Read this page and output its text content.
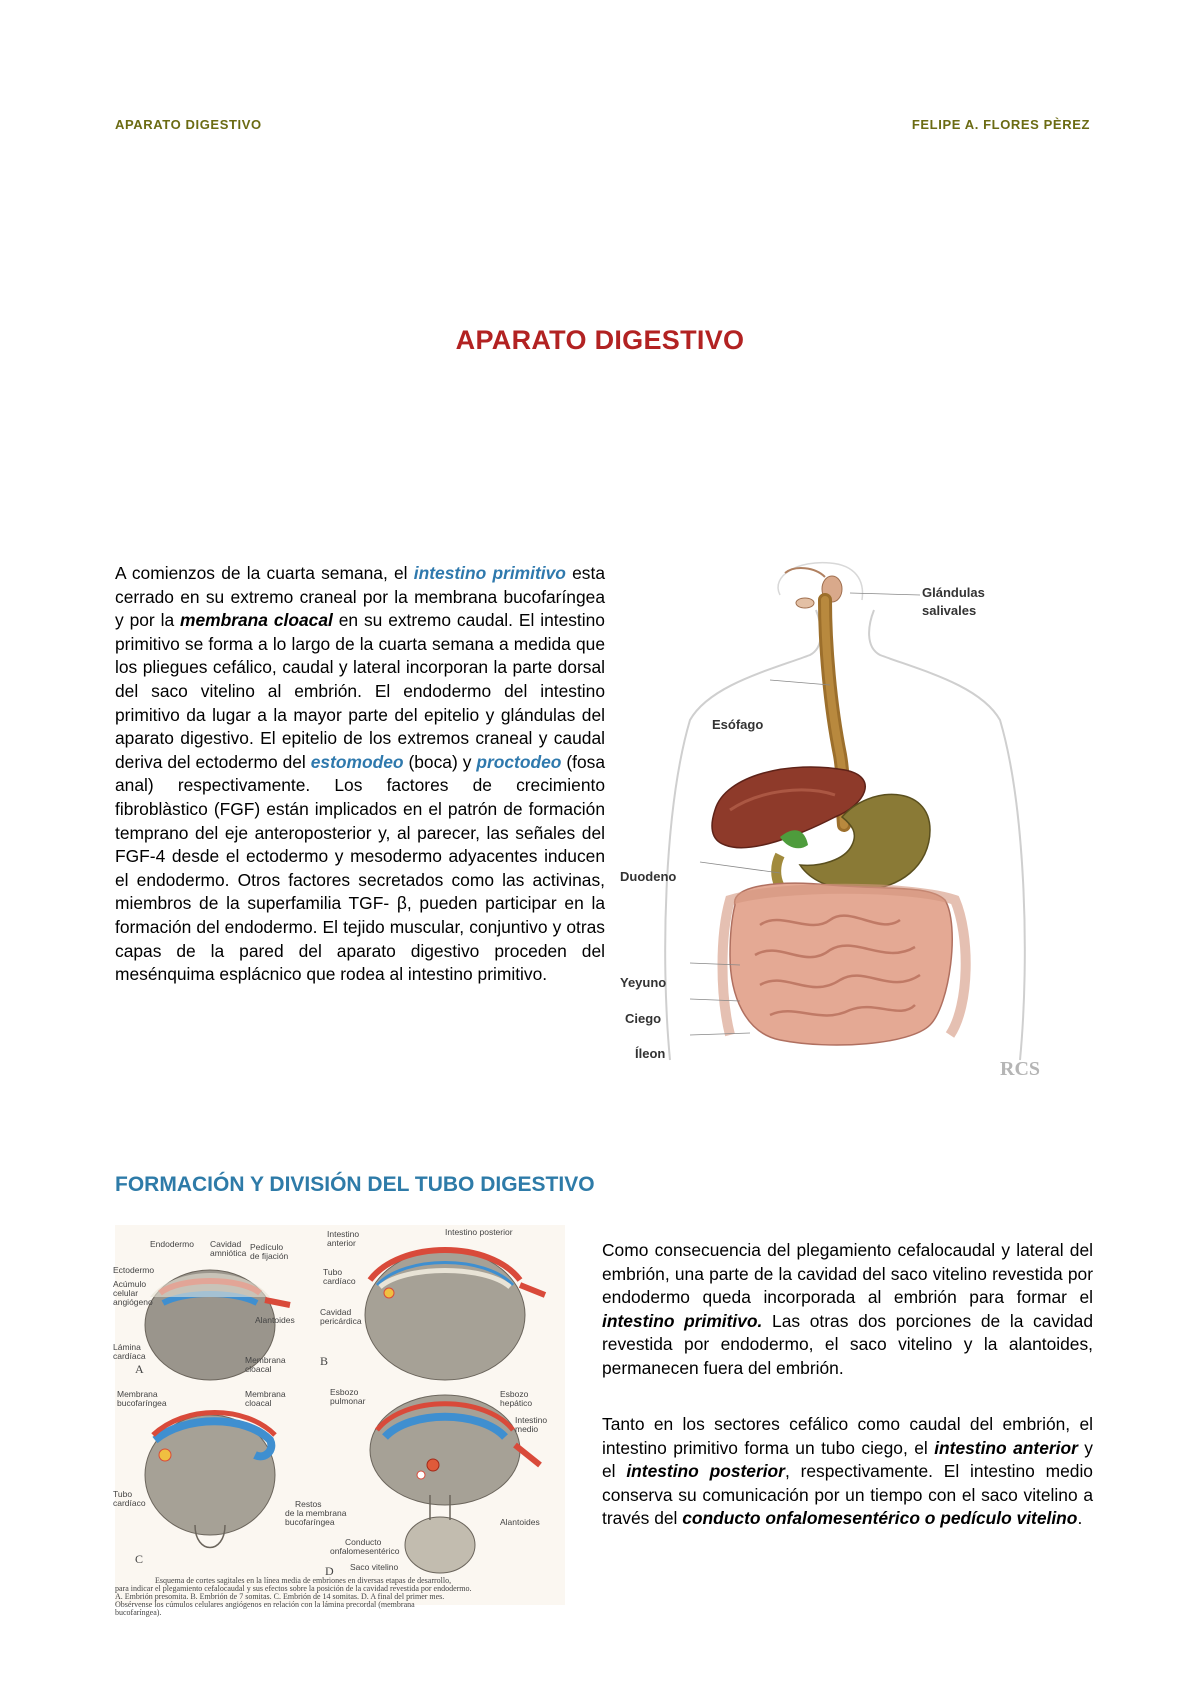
APARATO DIGESTIVO	FELIPE A. FLORES PÈREZ
APARATO DIGESTIVO

A comienzos de la cuarta semana, el intestino primitivo esta cerrado en su extremo craneal por la membrana bucofaríngea y por la membrana cloacal en su extremo caudal. El intestino primitivo se forma a lo largo de la cuarta semana a medida que los pliegues cefálico, caudal y lateral incorporan la parte dorsal del saco vitelino al embrión. El endodermo del intestino primitivo da lugar a la mayor parte del epitelio y glándulas del aparato digestivo. El epitelio de los extremos craneal y caudal deriva del ectodermo del estomodeo (boca) y proctodeo (fosa anal) respectivamente. Los factores de crecimiento fibroblàstico (FGF) están implicados en el patrón de formación temprano del eje anteroposterior y, al parecer, las señales del FGF-4 desde el ectodermo y mesodermo adyacentes inducen el endodermo. Otros factores secretados como las activinas, miembros de la superfamilia TGF- β, pueden participar en la formación del endodermo. El tejido muscular, conjuntivo y otras capas de la pared del aparato digestivo proceden del mesénquima esplácnico que rodea al intestino primitivo.

Glándulas
salivales
Esófago
Duodeno
Yeyuno
Ciego
Íleon
RCS
FORMACIÓN Y DIVISIÓN DEL TUBO DIGESTIVO
Endodermo Cavidad
amniótica
Pedículo
de fijación
Ectodermo
Acúmulo
celular
angiógeno
Alantoides
Lámina
cardíaca	Membrana
cloacal
A
Intestino
anterior
Intestino posterior
Tubo
cardíaco
Cavidad
pericárdica
B
Membrana
bucofaríngea
Membrana
cloacal
Tubo
cardíaco
C
Esbozo
pulmonar
Esbozo
hepático
Intestino
medio
Restos
de la membrana
bucofaríngea
Conducto
onfalomesentérico
Alantoides
Saco vitelino
D
Esquema de cortes sagitales en la línea media de embriones en diversas etapas de desarrollo,
para indicar el plegamiento cefalocaudal y sus efectos sobre la posición de la cavidad revestida por endodermo.
A. Embrión presomita. B. Embrión de 7 somitas. C. Embrión de 14 somitas. D. A final del primer mes.
Obsérvense los cúmulos celulares angiógenos en relación con la lámina precordal (membrana
bucofaríngea).

Como consecuencia del plegamiento cefalocaudal y lateral del embrión, una parte de la cavidad del saco vitelino revestida por endodermo queda incorporada al embrión para formar el intestino primitivo. Las otras dos porciones de la cavidad revestida por endodermo, el saco vitelino y la alantoides, permanecen fuera del embrión.

Tanto en los sectores cefálico como caudal del embrión, el intestino primitivo forma un tubo ciego, el intestino anterior y el intestino posterior, respectivamente. El intestino medio conserva su comunicación por un tiempo con el saco vitelino a través del conducto onfalomesentérico o pedículo vitelino.
